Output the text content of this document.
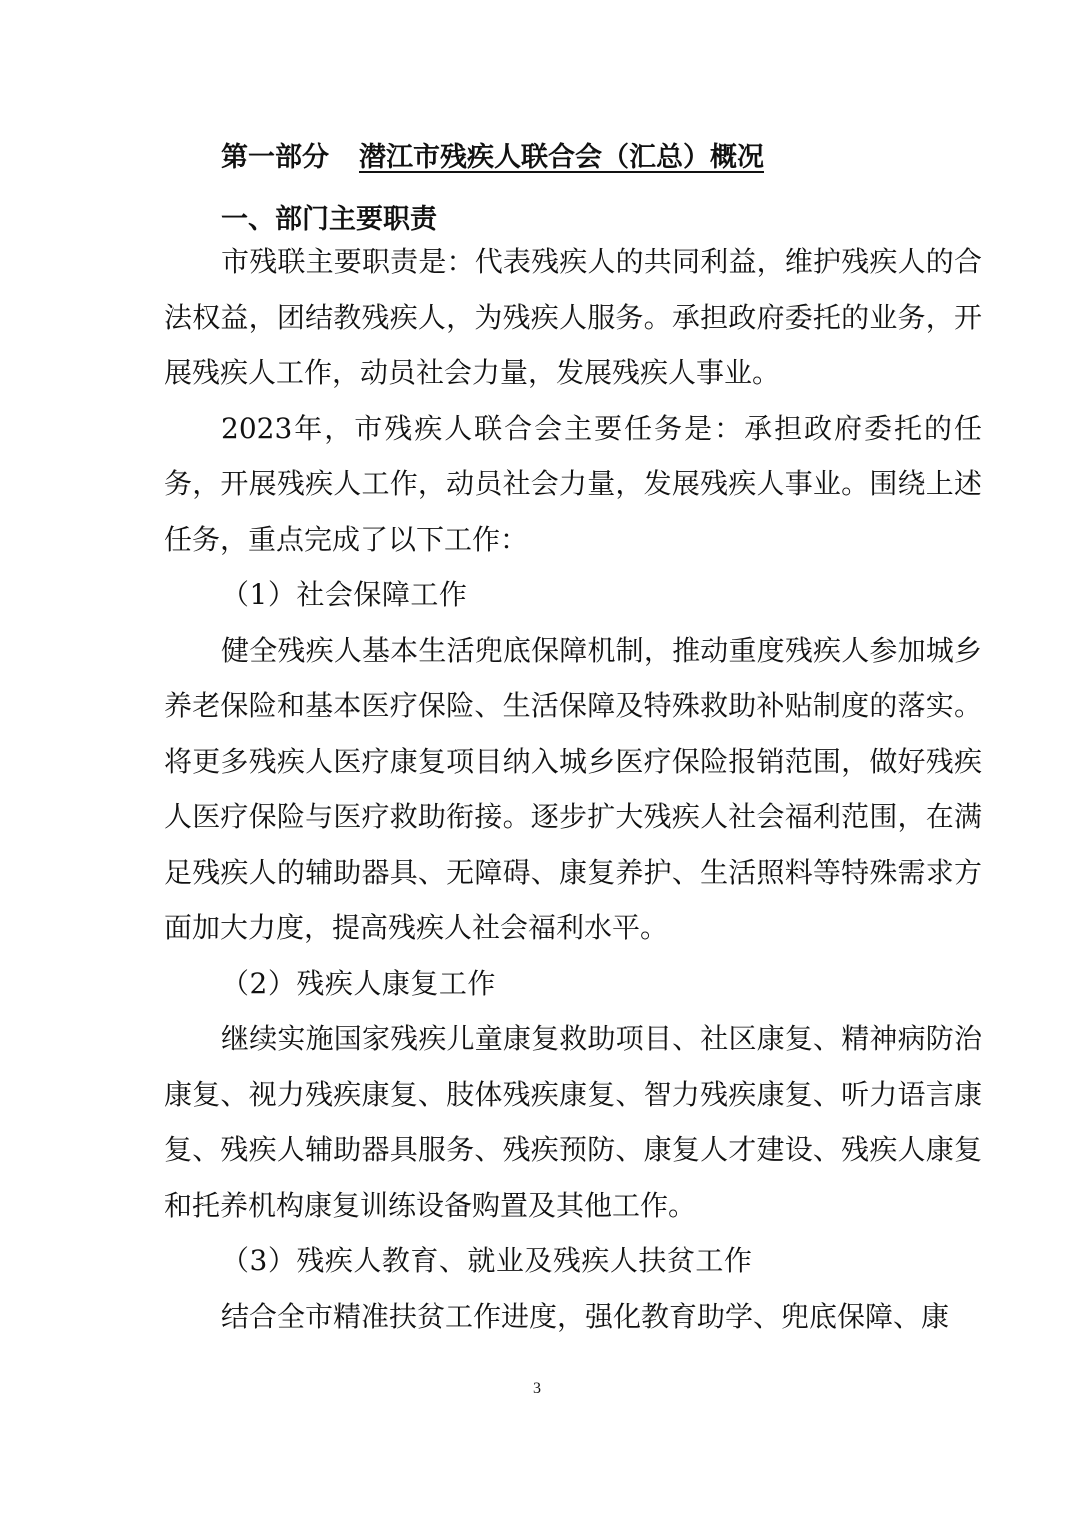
第一部分 潜江市残疾人联合会（汇总）概况
一、部门主要职责

市残联主要职责是：代表残疾人的共同利益，维护残疾人的合法权益，团结教残疾人，为残疾人服务。承担政府委托的业务，开展残疾人工作，动员社会力量，发展残疾人事业。

2023年，市残疾人联合会主要任务是：承担政府委托的任务，开展残疾人工作，动员社会力量，发展残疾人事业。围绕上述任务，重点完成了以下工作：

（1）社会保障工作

健全残疾人基本生活兜底保障机制，推动重度残疾人参加城乡养老保险和基本医疗保险、生活保障及特殊救助补贴制度的落实。将更多残疾人医疗康复项目纳入城乡医疗保险报销范围，做好残疾人医疗保险与医疗救助衔接。逐步扩大残疾人社会福利范围，在满足残疾人的辅助器具、无障碍、康复养护、生活照料等特殊需求方面加大力度，提高残疾人社会福利水平。

（2）残疾人康复工作

继续实施国家残疾儿童康复救助项目、社区康复、精神病防治康复、视力残疾康复、肢体残疾康复、智力残疾康复、听力语言康复、残疾人辅助器具服务、残疾预防、康复人才建设、残疾人康复和托养机构康复训练设备购置及其他工作。

（3）残疾人教育、就业及残疾人扶贫工作

结合全市精准扶贫工作进度，强化教育助学、兜底保障、康

3
